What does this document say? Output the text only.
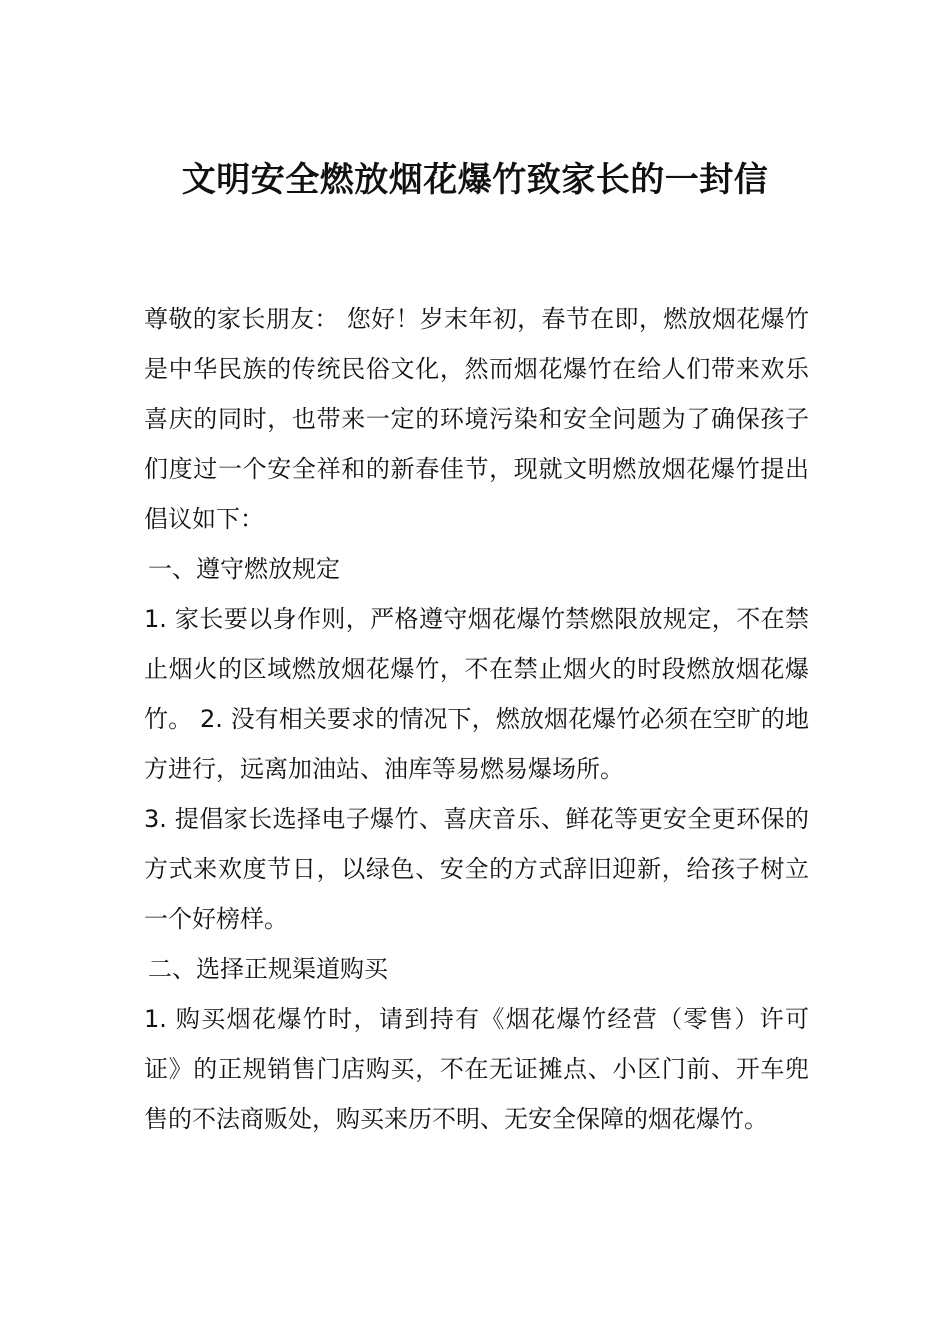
文明安全燃放烟花爆竹致家长的一封信

尊敬的家长朋友： 您好！岁末年初，春节在即，燃放烟花爆竹是中华民族的传统民俗文化，然而烟花爆竹在给人们带来欢乐喜庆的同时，也带来一定的环境污染和安全问题为了确保孩子们度过一个安全祥和的新春佳节，现就文明燃放烟花爆竹提出倡议如下：

一、遵守燃放规定

1. 家长要以身作则，严格遵守烟花爆竹禁燃限放规定，不在禁止烟火的区域燃放烟花爆竹，不在禁止烟火的时段燃放烟花爆竹。 2. 没有相关要求的情况下，燃放烟花爆竹必须在空旷的地方进行，远离加油站、油库等易燃易爆场所。

3. 提倡家长选择电子爆竹、喜庆音乐、鲜花等更安全更环保的方式来欢度节日，以绿色、安全的方式辞旧迎新，给孩子树立一个好榜样。

二、选择正规渠道购买

1. 购买烟花爆竹时，请到持有《烟花爆竹经营（零售）许可证》的正规销售门店购买，不在无证摊点、小区门前、开车兜售的不法商贩处，购买来历不明、无安全保障的烟花爆竹。
